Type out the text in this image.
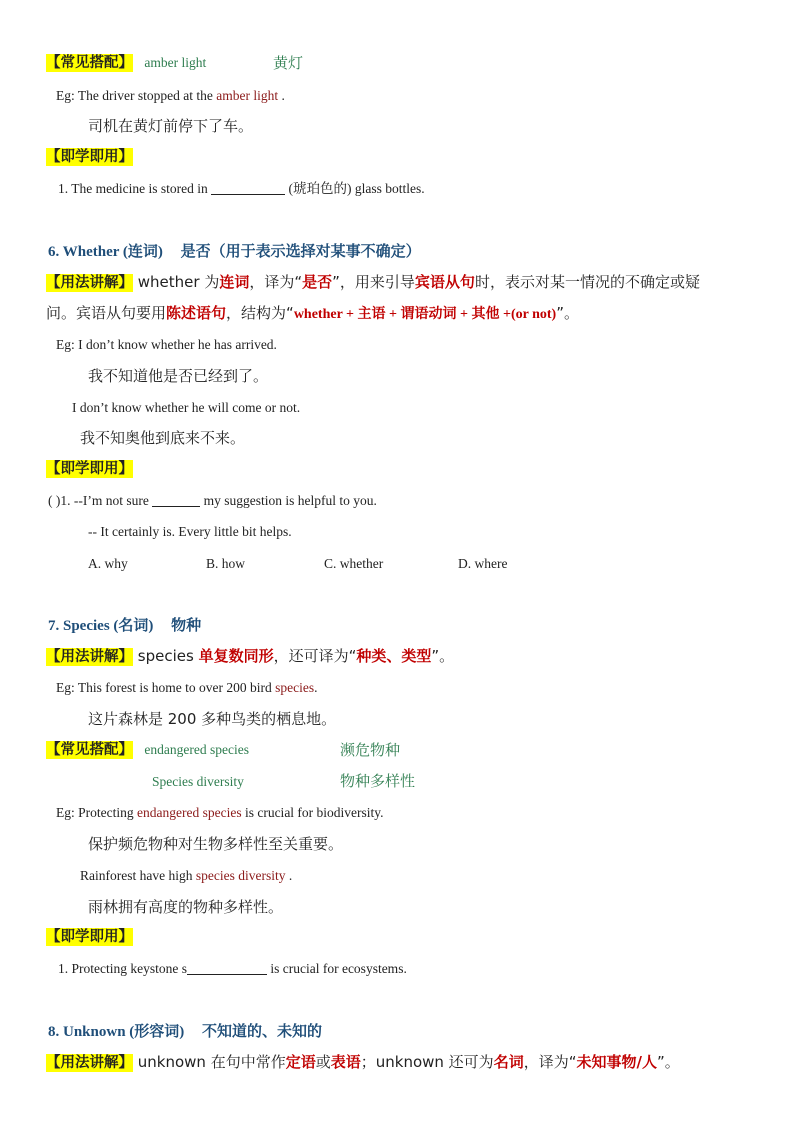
【常见搭配】 amber light	黄灯
Eg: The driver stopped at the amber light .
司机在黄灯前停下了车。
【即学即用】
1. The medicine is stored in	(琥珀色的) glass bottles.
6. Whether (连词) 是否（用于表示选择对某事不确定）
【用法讲解】 whether 为连词，译为“是否”，用来引导宾语从句时，表示对某一情况的不确定或疑
问。宾语从句要用陈述语句，结构为“whether + 主语 + 谓语动词 + 其他 +(or not)”。
Eg: I don’t know whether he has arrived.
我不知道他是否已经到了。
I don’t know whether he will come or not.
我不知奥他到底来不来。
【即学即用】
( )1. --I’m not sure	my suggestion is helpful to you.
-- It certainly is. Every little bit helps.
A. why	B. how	C. whether	D. where
7. Species (名词) 物种
【用法讲解】 species 单复数同形，还可译为“种类、类型”。
Eg: This forest is home to over 200 bird species.
这片森林是 200 多种鸟类的栖息地。
【常见搭配】 endangered species	濒危物种
Species diversity	物种多样性
Eg: Protecting endangered species is crucial for biodiversity.
保护频危物种对生物多样性至关重要。
Rainforest have high species diversity .
雨林拥有高度的物种多样性。
【即学即用】
1. Protecting keystone s	is crucial for ecosystems.
8. Unknown (形容词) 不知道的、未知的
【用法讲解】 unknown 在句中常作定语或表语；unknown 还可为名词，译为“未知事物/人”。
